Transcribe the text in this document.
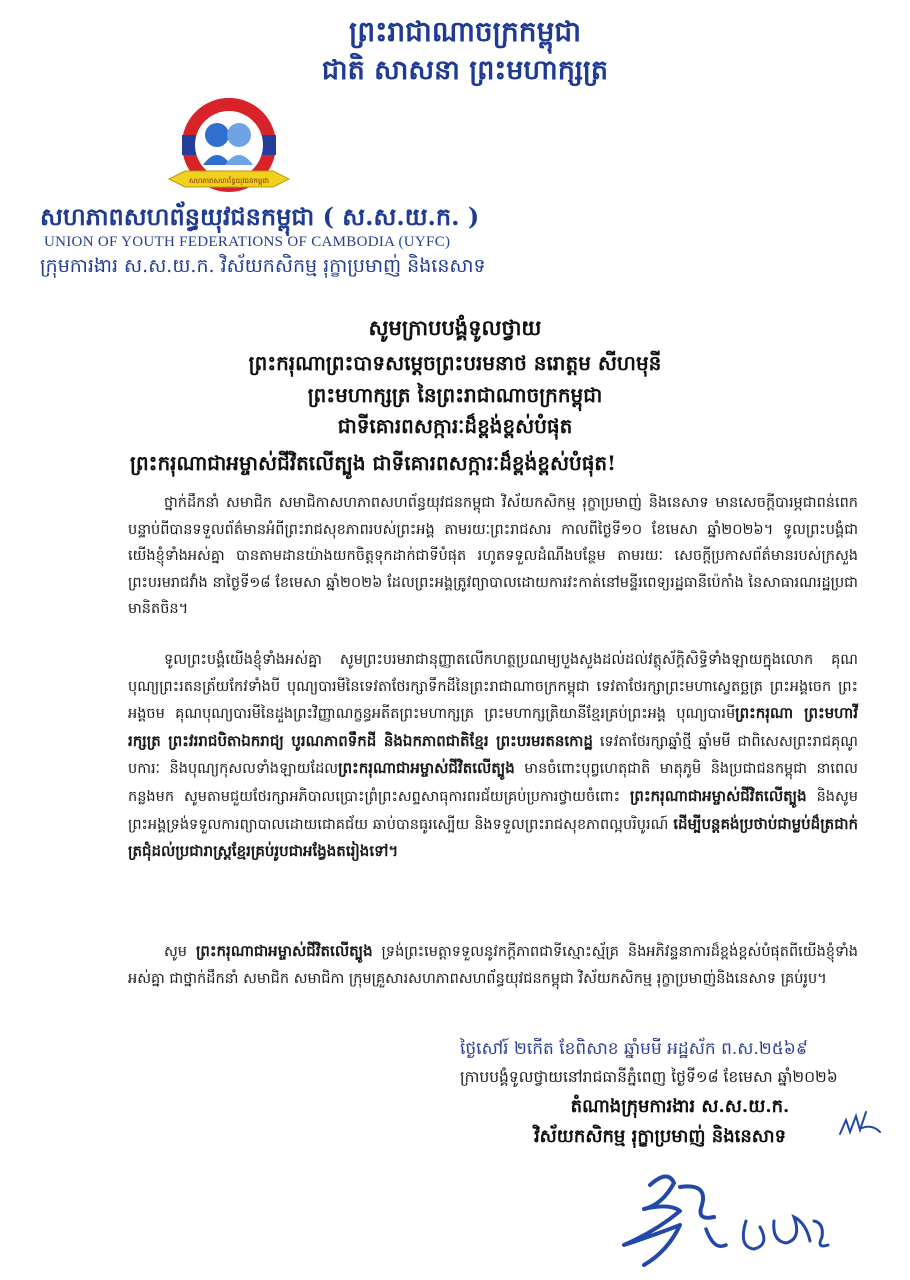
ព្រះរាជាណាចក្រកម្ពុជា
ជាតិ សាសនា ព្រះមហាក្សត្រ
សហភាពសហព័ន្ធយុវជនកម្ពុជា
សហភាពសហព័ន្ធយុវជនកម្ពុជា ( ស.ស.យ.ក. )
UNION OF YOUTH FEDERATIONS OF CAMBODIA (UYFC)
ក្រុមការងារ ស.ស.យ.ក. វិស័យកសិកម្ម រុក្ខាប្រមាញ់ និងនេសាទ
សូមក្រាបបង្គំទូលថ្វាយ
ព្រះករុណាព្រះបាទសម្តេចព្រះបរមនាថ នរោត្តម សីហមុនី
ព្រះមហាក្សត្រ នៃព្រះរាជាណាចក្រកម្ពុជា
ជាទីគោរពសក្ការៈដ៏ខ្ពង់ខ្ពស់បំផុត
ព្រះករុណាជាអម្ចាស់ជីវិតលើត្បូង ជាទីគោរពសក្ការៈដ៏ខ្ពង់ខ្ពស់បំផុត!
ថ្នាក់ដឹកនាំ សមាជិក សមាជិកាសហភាពសហព័ន្ធយុវជនកម្ពុជា វិស័យកសិកម្ម រុក្ខាប្រមាញ់ និងនេសាទ មានសេចក្តីបារម្ភជាពន់ពេក បន្ទាប់ពីបានទទួលព័ត៌មានអំពីព្រះរាជសុខភាពរបស់ព្រះអង្គ តាមរយៈព្រះរាជសារ កាលពីថ្ងៃទី១០ ខែមេសា ឆ្នាំ២០២៦។ ទូលព្រះបង្គំជាយើងខ្ញុំទាំងអស់គ្នា បានតាមដានយ៉ាងយកចិត្តទុកដាក់ជាទីបំផុត រហូតទទួលដំណឹងបន្ថែម តាមរយៈ សេចក្តីប្រកាសព័ត៌មានរបស់ក្រសួងព្រះបរមរាជវាំង នាថ្ងៃទី១៨ ខែមេសា ឆ្នាំ២០២៦ ដែលព្រះអង្គត្រូវព្យាបាលដោយការវះកាត់នៅមន្ទីរពេទ្យរដ្ឋធានីប៉េកាំង នៃសាធារណរដ្ឋប្រជាមានិតចិន។
ទូលព្រះបង្គំយើងខ្ញុំទាំងអស់គ្នា សូមព្រះបរមរាជានុញ្ញាតលើកហត្ថប្រណម្យបួងសួងដល់ដល់វត្ថុស័ក្តិសិទ្ធិទាំងឡាយក្នុងលោក គុណបុណ្យព្រះរតនត្រ័យកែវទាំងបី បុណ្យបារមីនៃទេវតាថែរក្សាទឹកដីនៃព្រះរាជាណាចក្រកម្ពុជា ទេវតាថែរក្សាព្រះមហាស្វេតច្ឆត្រ ព្រះអង្គចេក ព្រះអង្គចម គុណបុណ្យបារមីនៃដួងព្រះវិញ្ញាណក្ខន្ធអតីតព្រះមហាក្សត្រ ព្រះមហាក្សត្រិយានីខ្មែរគ្រប់ព្រះអង្គ បុណ្យបារមីព្រះករុណា ព្រះមហាវីរក្សត្រ ព្រះវររាជបិតាឯករាជ្យ បូរណភាពទឹកដី និងឯកភាពជាតិខ្មែរ ព្រះបរមរតនកោដ្ឋ ទេវតាថែរក្សាឆ្នាំថ្មី ឆ្នាំមមី ជាពិសេសព្រះរាជគុណូបការៈ និងបុណ្យកុសលទាំងឡាយដែលព្រះករុណាជាអម្ចាស់ជីវិតលើត្បូង មានចំពោះបុព្វហេតុជាតិ មាតុភូមិ និងប្រជាជនកម្ពុជា នាពេលកន្លងមក សូមតាមជួយថែរក្សាអភិបាលប្រោះព្រំព្រះសព្ទសាធុការពរជ័យគ្រប់ប្រការថ្វាយចំពោះ ព្រះករុណាជាអម្ចាស់ជីវិតលើត្បូង និងសូមព្រះអង្គទ្រង់ទទួលការព្យាបាលដោយជោគជ័យ ឆាប់បានធូរស្បើយ និងទទួលព្រះរាជសុខភាពល្អបរិបូរណ៍ ដើម្បីបន្តគង់ប្រថាប់ជាម្លប់ដ៏ត្រជាក់ត្រជុំដល់ប្រជារាស្ត្រខ្មែរគ្រប់រូបជាអង្វែងតរៀងទៅ។
សូម ព្រះករុណាជាអម្ចាស់ជីវិតលើត្បូង ទ្រង់ព្រះមេត្តាទទួលនូវកក្តីភាពជាទីស្មោះស្ម័គ្រ និងអភិវន្ទនាការដ៏ខ្ពង់ខ្ពស់បំផុតពីយើងខ្ញុំទាំងអស់គ្នា ជាថ្នាក់ដឹកនាំ សមាជិក សមាជិកា ក្រុមគ្រួសារសហភាពសហព័ន្ធយុវជនកម្ពុជា វិស័យកសិកម្ម រុក្ខាប្រមាញ់និងនេសាទ គ្រប់រូប។
ថ្ងៃសៅរ៍ ២កើត ខែពិសាខ ឆ្នាំមមី អដ្ឋស័ក ព.ស.២៥៦៩
ក្រាបបង្គំទូលថ្វាយនៅរាជធានីភ្នំពេញ ថ្ងៃទី១៨ ខែមេសា ឆ្នាំ២០២៦
តំណាងក្រុមការងារ ស.ស.យ.ក.
វិស័យកសិកម្ម រុក្ខាប្រមាញ់ និងនេសាទ
